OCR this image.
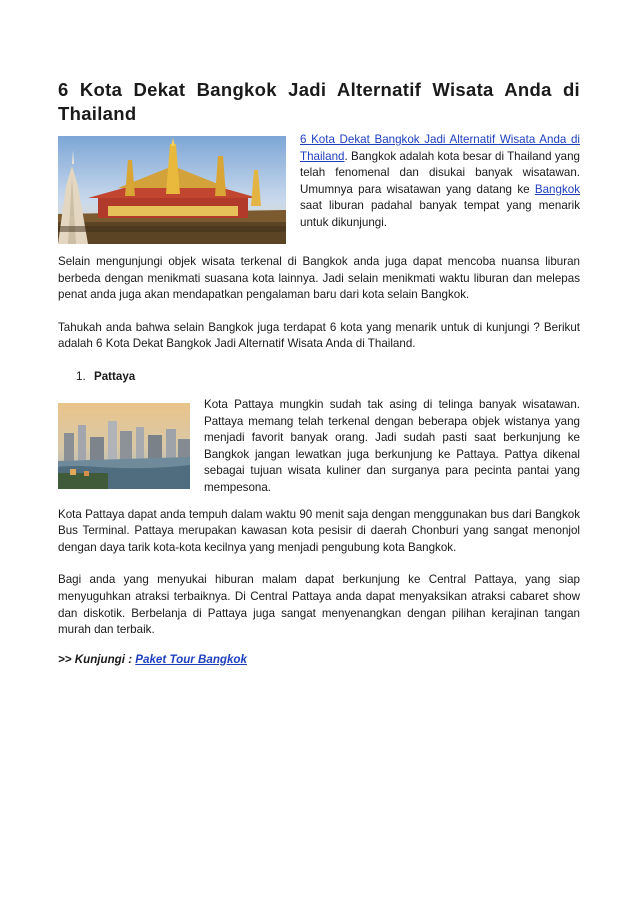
6 Kota Dekat Bangkok Jadi Alternatif Wisata Anda di Thailand

6 Kota Dekat Bangkok Jadi Alternatif Wisata Anda di Thailand. Bangkok adalah kota besar di Thailand yang telah fenomenal dan disukai banyak wisatawan. Umumnya para wisatawan yang datang ke Bangkok saat liburan padahal banyak tempat yang menarik untuk dikunjungi.

Selain mengunjungi objek wisata terkenal di Bangkok anda juga dapat mencoba nuansa liburan berbeda dengan menikmati suasana kota lainnya. Jadi selain menikmati waktu liburan dan melepas penat anda juga akan mendapatkan pengalaman baru dari kota selain Bangkok.

Tahukah anda bahwa selain Bangkok juga terdapat 6 kota yang menarik untuk di kunjungi ? Berikut adalah 6 Kota Dekat Bangkok Jadi Alternatif Wisata Anda di Thailand.

1. Pattaya

Kota Pattaya mungkin sudah tak asing di telinga banyak wisatawan. Pattaya memang telah terkenal dengan beberapa objek wistanya yang menjadi favorit banyak orang. Jadi sudah pasti saat berkunjung ke Bangkok jangan lewatkan juga berkunjung ke Pattaya. Pattya dikenal sebagai tujuan wisata kuliner dan surganya para pecinta pantai yang mempesona.

Kota Pattaya dapat anda tempuh dalam waktu 90 menit saja dengan menggunakan bus dari Bangkok Bus Terminal. Pattaya merupakan kawasan kota pesisir di daerah Chonburi yang sangat menonjol dengan daya tarik kota-kota kecilnya yang menjadi pengubung kota Bangkok.

Bagi anda yang menyukai hiburan malam dapat berkunjung ke Central Pattaya, yang siap menyuguhkan atraksi terbaiknya. Di Central Pattaya anda dapat menyaksikan atraksi cabaret show dan diskotik. Berbelanja di Pattaya juga sangat menyenangkan dengan pilihan kerajinan tangan murah dan terbaik.

>> Kunjungi : Paket Tour Bangkok
